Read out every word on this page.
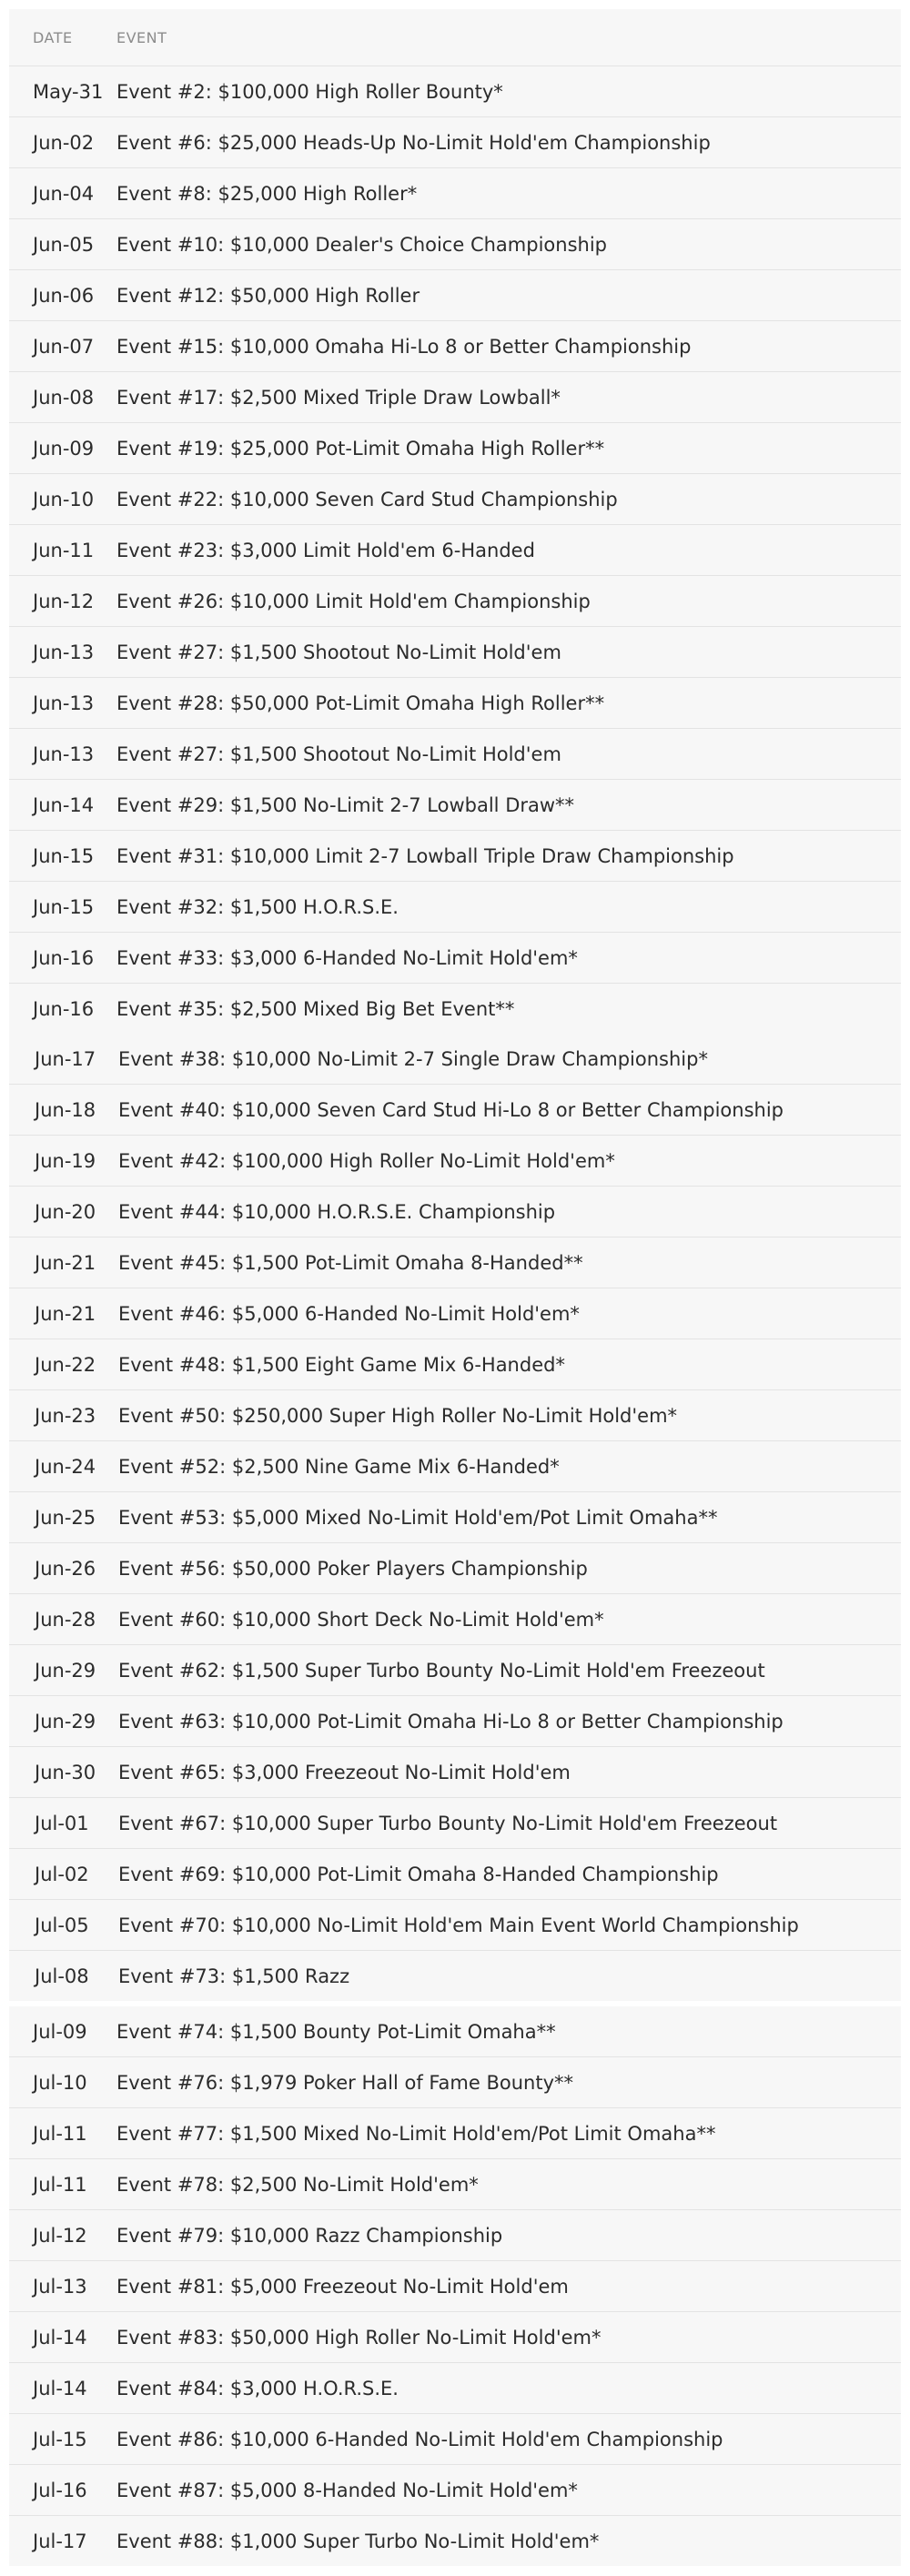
DATE	EVENT
May-31 Event #2: $100,000 High Roller Bounty*
Jun-02	Event #6: $25,000 Heads-Up No-Limit Hold'em Championship
Jun-04	Event #8: $25,000 High Roller*
Jun-05	Event #10: $10,000 Dealer's Choice Championship
Jun-06	Event #12: $50,000 High Roller
Jun-07	Event #15: $10,000 Omaha Hi-Lo 8 or Better Championship
Jun-08	Event #17: $2,500 Mixed Triple Draw Lowball*
Jun-09	Event #19: $25,000 Pot-Limit Omaha High Roller**
Jun-10	Event #22: $10,000 Seven Card Stud Championship
Jun-11	Event #23: $3,000 Limit Hold'em 6-Handed
Jun-12	Event #26: $10,000 Limit Hold'em Championship
Jun-13	Event #27: $1,500 Shootout No-Limit Hold'em
Jun-13	Event #28: $50,000 Pot-Limit Omaha High Roller**
Jun-13	Event #27: $1,500 Shootout No-Limit Hold'em
Jun-14	Event #29: $1,500 No-Limit 2-7 Lowball Draw**
Jun-15	Event #31: $10,000 Limit 2-7 Lowball Triple Draw Championship
Jun-15	Event #32: $1,500 H.O.R.S.E.
Jun-16	Event #33: $3,000 6-Handed No-Limit Hold'em*
Jun-16	Event #35: $2,500 Mixed Big Bet Event**
Jun-17	Event #38: $10,000 No-Limit 2-7 Single Draw Championship*
Jun-18	Event #40: $10,000 Seven Card Stud Hi-Lo 8 or Better Championship
Jun-19	Event #42: $100,000 High Roller No-Limit Hold'em*
Jun-20	Event #44: $10,000 H.O.R.S.E. Championship
Jun-21	Event #45: $1,500 Pot-Limit Omaha 8-Handed**
Jun-21	Event #46: $5,000 6-Handed No-Limit Hold'em*
Jun-22	Event #48: $1,500 Eight Game Mix 6-Handed*
Jun-23	Event #50: $250,000 Super High Roller No-Limit Hold'em*
Jun-24	Event #52: $2,500 Nine Game Mix 6-Handed*
Jun-25	Event #53: $5,000 Mixed No-Limit Hold'em/Pot Limit Omaha**
Jun-26	Event #56: $50,000 Poker Players Championship
Jun-28	Event #60: $10,000 Short Deck No-Limit Hold'em*
Jun-29	Event #62: $1,500 Super Turbo Bounty No-Limit Hold'em Freezeout
Jun-29	Event #63: $10,000 Pot-Limit Omaha Hi-Lo 8 or Better Championship
Jun-30	Event #65: $3,000 Freezeout No-Limit Hold'em
Jul-01	Event #67: $10,000 Super Turbo Bounty No-Limit Hold'em Freezeout
Jul-02	Event #69: $10,000 Pot-Limit Omaha 8-Handed Championship
Jul-05	Event #70: $10,000 No-Limit Hold'em Main Event World Championship
Jul-08	Event #73: $1,500 Razz
Jul-09	Event #74: $1,500 Bounty Pot-Limit Omaha**
Jul-10	Event #76: $1,979 Poker Hall of Fame Bounty**
Jul-11	Event #77: $1,500 Mixed No-Limit Hold'em/Pot Limit Omaha**
Jul-11	Event #78: $2,500 No-Limit Hold'em*
Jul-12	Event #79: $10,000 Razz Championship
Jul-13	Event #81: $5,000 Freezeout No-Limit Hold'em
Jul-14	Event #83: $50,000 High Roller No-Limit Hold'em*
Jul-14	Event #84: $3,000 H.O.R.S.E.
Jul-15	Event #86: $10,000 6-Handed No-Limit Hold'em Championship
Jul-16	Event #87: $5,000 8-Handed No-Limit Hold'em*
Jul-17	Event #88: $1,000 Super Turbo No-Limit Hold'em*
